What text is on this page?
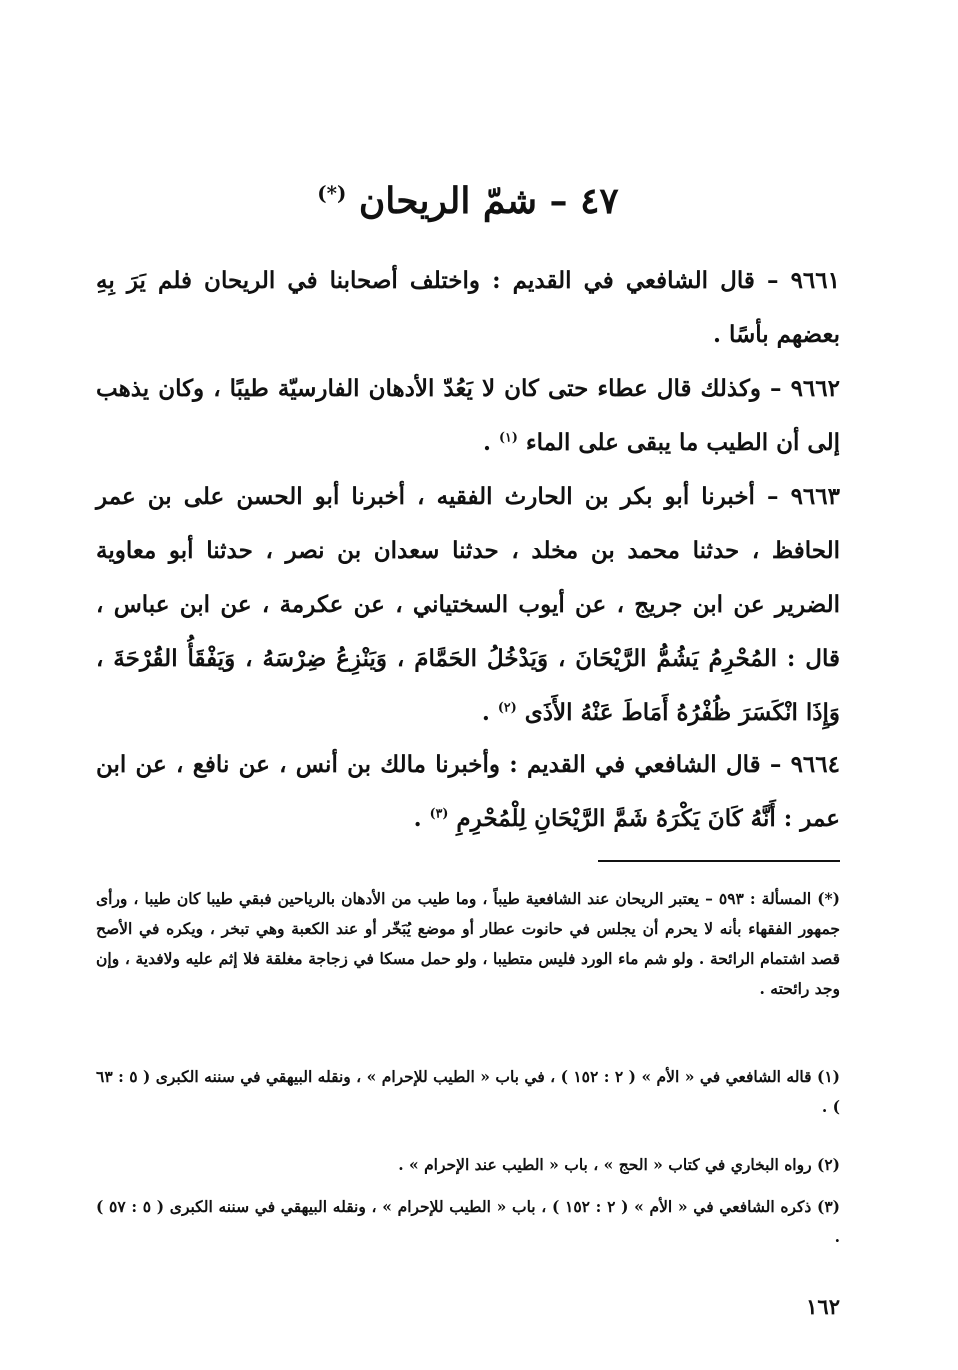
٤٧ – شمّ الريحان (*)
٩٦٦١ – قال الشافعي في القديم : واختلف أصحابنا في الريحان فلم يَرَ بِهِ بعضهم بأسًا .
٩٦٦٢ – وكذلك قال عطاء حتى كان لا يَعُدّ الأدهان الفارسيّة طيبًا ، وكان يذهب إلى أن الطيب ما يبقى على الماء $^{(١)}$ .
٩٦٦٣ – أخبرنا أبو بكر بن الحارث الفقيه ، أخبرنا أبو الحسن على بن عمر الحافظ ، حدثنا محمد بن مخلد ، حدثنا سعدان بن نصر ، حدثنا أبو معاوية الضرير عن ابن جريج ، عن أيوب السختياني ، عن عكرمة ، عن ابن عباس ، قال : المُحْرِمُ يَشُمُّ الرَّيْحَانَ ، وَيَدْخُلُ الحَمَّامَ ، وَيَنْزِعُ ضِرْسَهُ ، وَيَفْقَأُ القُرْحَةَ ، وَإِذَا انْكَسَرَ ظُفْرُهُ أَمَاطَ عَنْهُ الأَذَى $^{(٢)}$ .
٩٦٦٤ – قال الشافعي في القديم : وأخبرنا مالك بن أنس ، عن نافع ، عن ابن عمر : أَنَّهُ كَانَ يَكْرَهُ شَمَّ الرَّيْحَانِ لِلْمُحْرِمِ $^{(٣)}$ .
(*) المسألة : ٥٩٣ – يعتبر الريحان عند الشافعية طيباً ، وما طيب من الأدهان بالرياحين فبقي طيبا كان طيبا ، ورأى جمهور الفقهاء بأنه لا يحرم أن يجلس في حانوت عطار أو موضع يُبَخّر أو عند الكعبة وهي تبخر ، ويكره في الأصح قصد اشتمام الرائحة . ولو شم ماء الورد فليس متطيبا ، ولو حمل مسكا في زجاجة مغلقة فلا إثم عليه ولافدية ، وإن وجد رائحته .
(١) قاله الشافعي في « الأم » ( ٢ : ١٥٢ ) ، في باب « الطيب للإحرام » ، ونقله البيهقي في سننه الكبرى ( ٥ : ٦٣ ) .
(٢) رواه البخاري في كتاب « الحج » ، باب « الطيب عند الإحرام » .
(٣) ذكره الشافعي في « الأم » ( ٢ : ١٥٢ ) ، باب « الطيب للإحرام » ، ونقله البيهقي في سننه الكبرى ( ٥ : ٥٧ ) .
١٦٢
